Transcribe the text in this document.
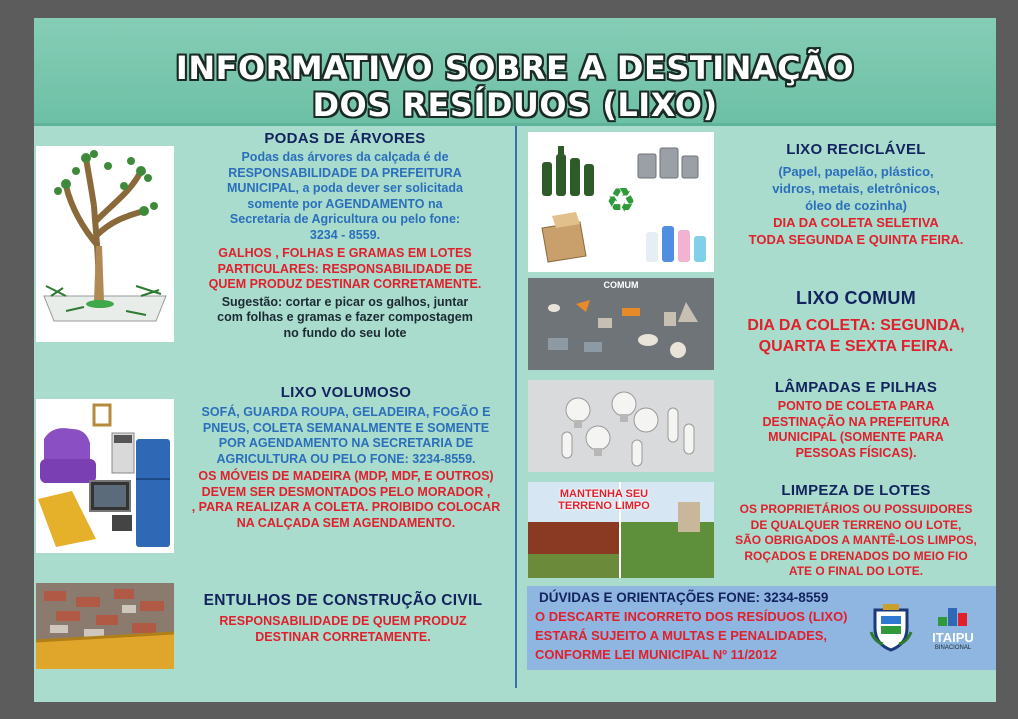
INFORMATIVO SOBRE A DESTINAÇÃO
DOS RESÍDUOS (LIXO)
PODAS DE ÁRVORES
Podas das árvores da calçada é de
RESPONSABILIDADE DA PREFEITURA
MUNICIPAL, a poda dever ser solicitada
somente por AGENDAMENTO na
Secretaria de Agricultura ou pelo fone:
3234 - 8559.
GALHOS , FOLHAS E GRAMAS EM LOTES
PARTICULARES: RESPONSABILIDADE DE
QUEM PRODUZ DESTINAR CORRETAMENTE.
Sugestão: cortar e picar os galhos, juntar
com folhas e gramas e fazer compostagem
no fundo do seu lote
LIXO VOLUMOSO
SOFÁ, GUARDA ROUPA, GELADEIRA, FOGÃO E
PNEUS, COLETA SEMANALMENTE E SOMENTE
POR AGENDAMENTO NA SECRETARIA DE
AGRICULTURA OU PELO FONE: 3234-8559.
OS MÓVEIS DE MADEIRA (MDP, MDF, E OUTROS)
DEVEM SER DESMONTADOS PELO MORADOR ,
, PARA REALIZAR A COLETA. PROIBIDO COLOCAR
NA CALÇADA SEM AGENDAMENTO.
ENTULHOS DE CONSTRUÇÃO CIVIL
RESPONSABILIDADE DE QUEM PRODUZ
DESTINAR CORRETAMENTE.
♻
LIXO RECICLÁVEL
(Papel, papelão, plástico,
vidros, metais, eletrônicos,
óleo de cozinha)
DIA DA COLETA SELETIVA
TODA SEGUNDA E QUINTA FEIRA.
COMUM
LIXO COMUM
DIA DA COLETA: SEGUNDA,
QUARTA E SEXTA FEIRA.
LÂMPADAS E PILHAS
PONTO DE COLETA PARA
DESTINAÇÃO NA PREFEITURA
MUNICIPAL (SOMENTE PARA
PESSOAS FÍSICAS).
MANTENHA SEU
TERRENO LIMPO
LIMPEZA DE LOTES
OS PROPRIETÁRIOS OU POSSUIDORES
DE QUALQUER TERRENO OU LOTE,
SÃO OBRIGADOS A MANTÊ-LOS LIMPOS,
ROÇADOS E DRENADOS DO MEIO FIO
ATE O FINAL DO LOTE.
DÚVIDAS E ORIENTAÇÕES FONE: 3234-8559
O DESCARTE INCORRETO DOS RESÍDUOS (LIXO)
ESTARÁ SUJEITO A MULTAS E PENALIDADES,
CONFORME LEI MUNICIPAL Nº 11/2012
ITAIPU
BINACIONAL
